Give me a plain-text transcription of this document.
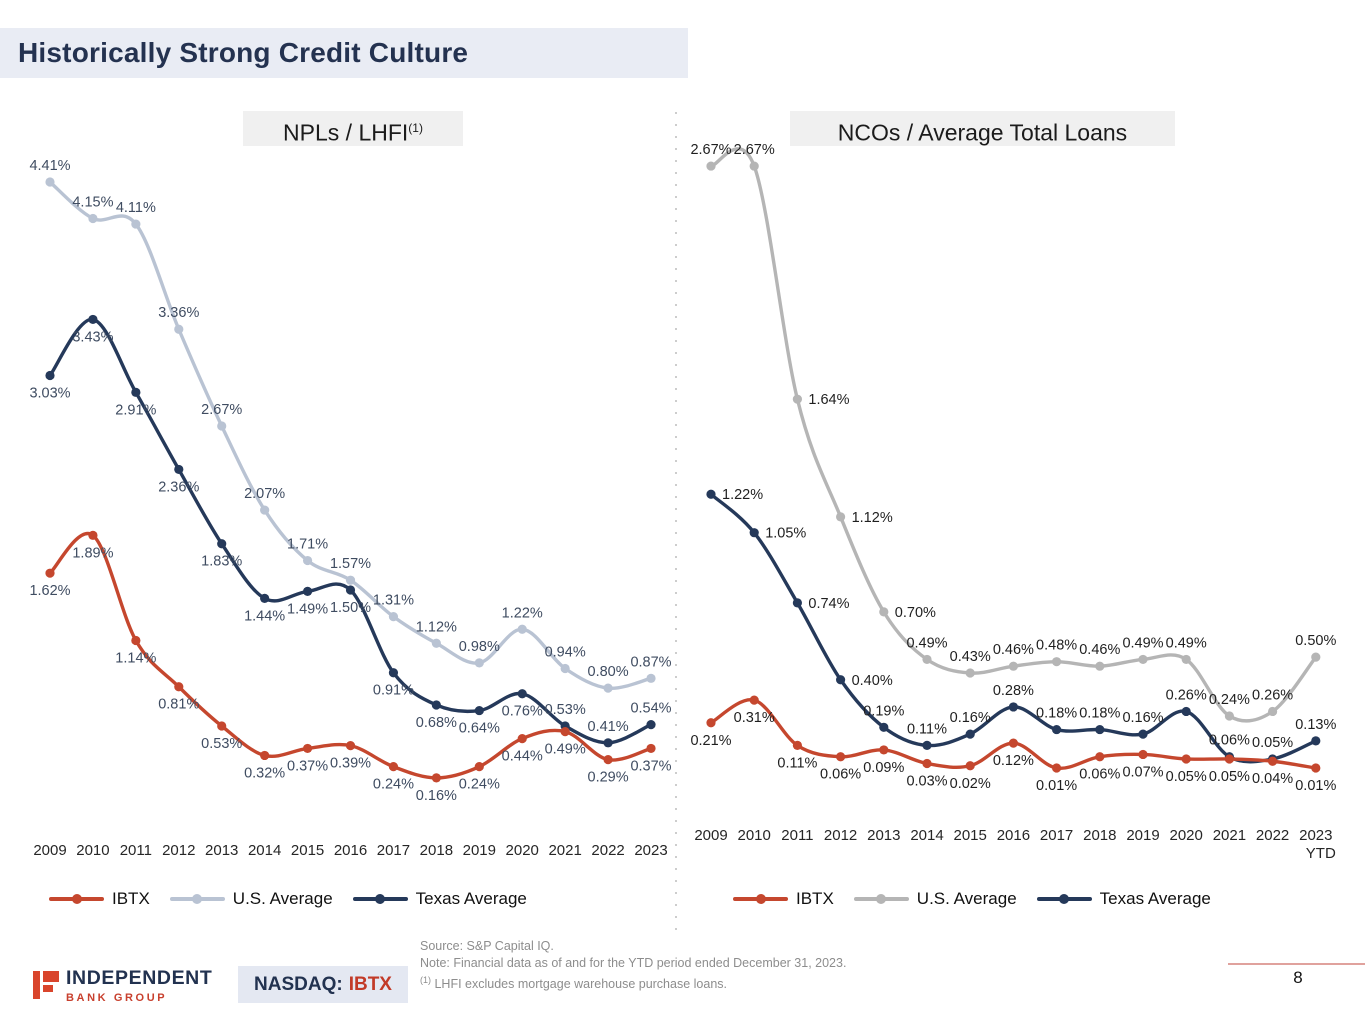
Historically Strong Credit Culture
NPLs / LHFI$^{(1)}$	NCOs / Average Total Loans
2009 2010 2011 2012 2013 2014 2015 2016 2017 2018 2019 2020 2021 2022 2023
1.62%
1.89%
1.14%
0.81%
0.53%
0.32% 0.37% 0.39%
0.24%
0.16%
0.24%
0.44% 0.49%
0.29%
0.37%
4.41%
4.15% 4.11%
3.36%
2.67%
2.07%
1.71%
1.57%
1.31%
1.12%
0.98%
1.22%
0.94%
0.80%
0.87%
3.03%
3.43%
2.91%
2.36%
1.83%
1.44% 1.49% 1.50%
0.91%
0.68% 0.64%
0.76% 0.53%
0.41%
0.54%
2009 2010 2011 2012 2013 2014 2015 2016 2017 2018 2019 2020 2021 2022 2023
YTD
0.21%
0.31%
0.11%
0.06% 0.09%
0.03% 0.02%
0.12%
0.01%
0.06% 0.07% 0.05% 0.05% 0.04% 0.01%
2.67% 2.67%
1.64%
1.12%
0.70%
0.49%
0.43% 0.46% 0.48% 0.46% 0.49% 0.49%
0.24% 0.26%
0.50%
1.22%
1.05%
0.74%
0.40%
0.19%
0.11%
0.16%
0.28%
0.18% 0.18% 0.16%
0.26%
0.06% 0.05%
0.13%
IBTX	U.S. Average	Texas Average	IBTX	U.S. Average	Texas Average
INDEPENDENT
BANK GROUP
NASDAQ: IBTX
Source: S&P Capital IQ.
Note: Financial data as of and for the YTD period ended December 31, 2023.
$^{(1)}$ LHFI excludes mortgage warehouse purchase loans.	8
